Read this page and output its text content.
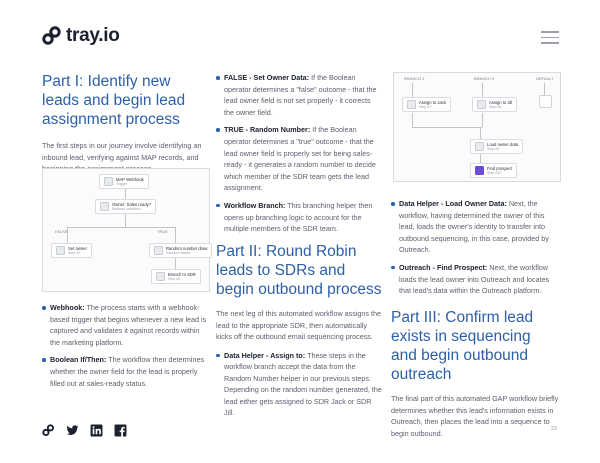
tray.io
Part I: Identify new leads and begin lead assignment process

The first steps in our journey involve identifying an inbound lead, verifying against MAP records, and

FALSE	TRUE
MAP Webhook
Trigger
Owner: Sales ready?
Boolean condition
Set owner
Step #3
Random number draw
Random helper
Branch to SDR
Step #5
Webhook: The process starts with a webhook-based trigger that begins whenever a new lead is captured and validates it against records within the marketing platform.
Boolean If/Then: The workflow then determines whether the owner field for the lead is properly filled out at sales-ready status.
FALSE - Set Owner Data: If the Boolean operator determines a "false" outcome - that the lead owner field is not set properly - it corrects the owner field.
TRUE - Random Number: If the Boolean operator determines a "true" outcome - that the lead owner field is properly set for being sales-ready - it generates a random number to decide which member of the SDR team gets the lead assignment.
Workflow Branch: This branching helper then opens up branching logic to account for the multiple members of the SDR team.
Part II: Round Robin leads to SDRs and begin outbound process

The next leg of this automated workflow assigns the lead to the appropriate SDR, then automatically kicks off the outbound email sequencing process.

Data Helper - Assign to: These steps in the workflow branch accept the data from the Random Number helper in our previous steps. Depending on the random number generated, the lead either gets assigned to SDR Jack or SDR Jill.
BRANCH 1	BRANCH 2	DEFAULT
Assign to Jack
Step #7
Assign to Jill
Step #8
Load owner data
Step #9
Find prospect
Step #10
Data Helper - Load Owner Data: Next, the workflow, having determined the owner of this lead, loads the owner's identity to transfer into outbound sequencing, in this case, provided by Outreach.
Outreach - Find Prospect: Next, the workflow loads the lead owner into Outreach and locates that lead's data within the Outreach platform.
Part III: Confirm lead exists in sequencing and begin outbound outreach

The final part of this automated GAP workflow briefly determines whether this lead's information exists in Outreach, then places the lead into a sequence to begin outbound.	23
